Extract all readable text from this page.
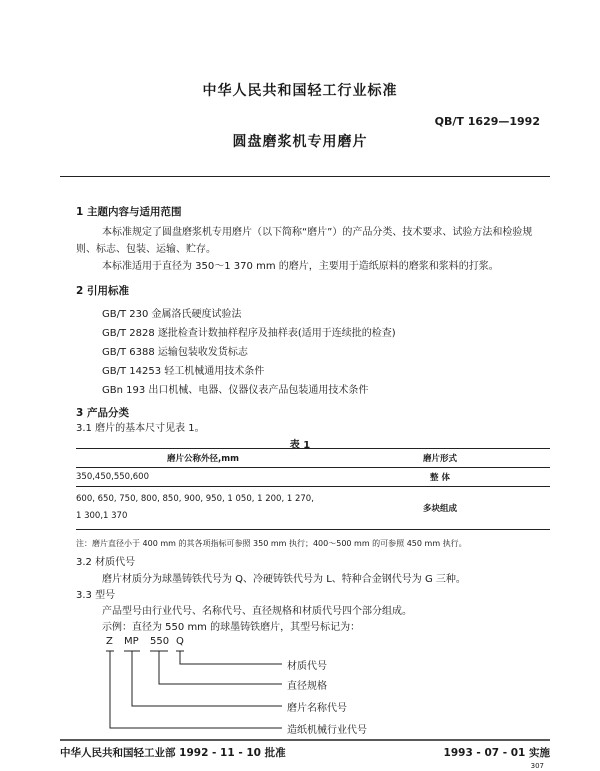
中华人民共和国轻工行业标准
QB/T 1629—1992
圆盘磨浆机专用磨片
1 主题内容与适用范围
本标准规定了圆盘磨浆机专用磨片（以下简称“磨片”）的产品分类、技术要求、试验方法和检验规
则、标志、包装、运输、贮存。
本标准适用于直径为 350～1 370 mm 的磨片，主要用于造纸原料的磨浆和浆料的打浆。
2 引用标准
GB/T 230 金属洛氏硬度试验法
GB/T 2828 逐批检查计数抽样程序及抽样表(适用于连续批的检查)
GB/T 6388 运输包装收发货标志
GB/T 14253 轻工机械通用技术条件
GBn 193 出口机械、电器、仪器仪表产品包装通用技术条件
3 产品分类
3.1 磨片的基本尺寸见表 1。
表 1
磨片公称外径,mm	磨片形式
350,450,550,600	整 体

600, 650, 750, 800, 850, 900, 950, 1 050, 1 200, 1 270,
1 300,1 370	多块组成
注：磨片直径小于 400 mm 的其各项指标可参照 350 mm 执行；400～500 mm 的可参照 450 mm 执行。
3.2 材质代号
磨片材质分为球墨铸铁代号为 Q、冷硬铸铁代号为 L、特种合金钢代号为 G 三种。
3.3 型号
产品型号由行业代号、名称代号、直径规格和材质代号四个部分组成。
示例：直径为 550 mm 的球墨铸铁磨片，其型号标记为：
Z MP 550 Q
材质代号
直径规格
磨片名称代号
造纸机械行业代号
中华人民共和国轻工业部 1992 - 11 - 10 批准	1993 - 07 - 01 实施
307
